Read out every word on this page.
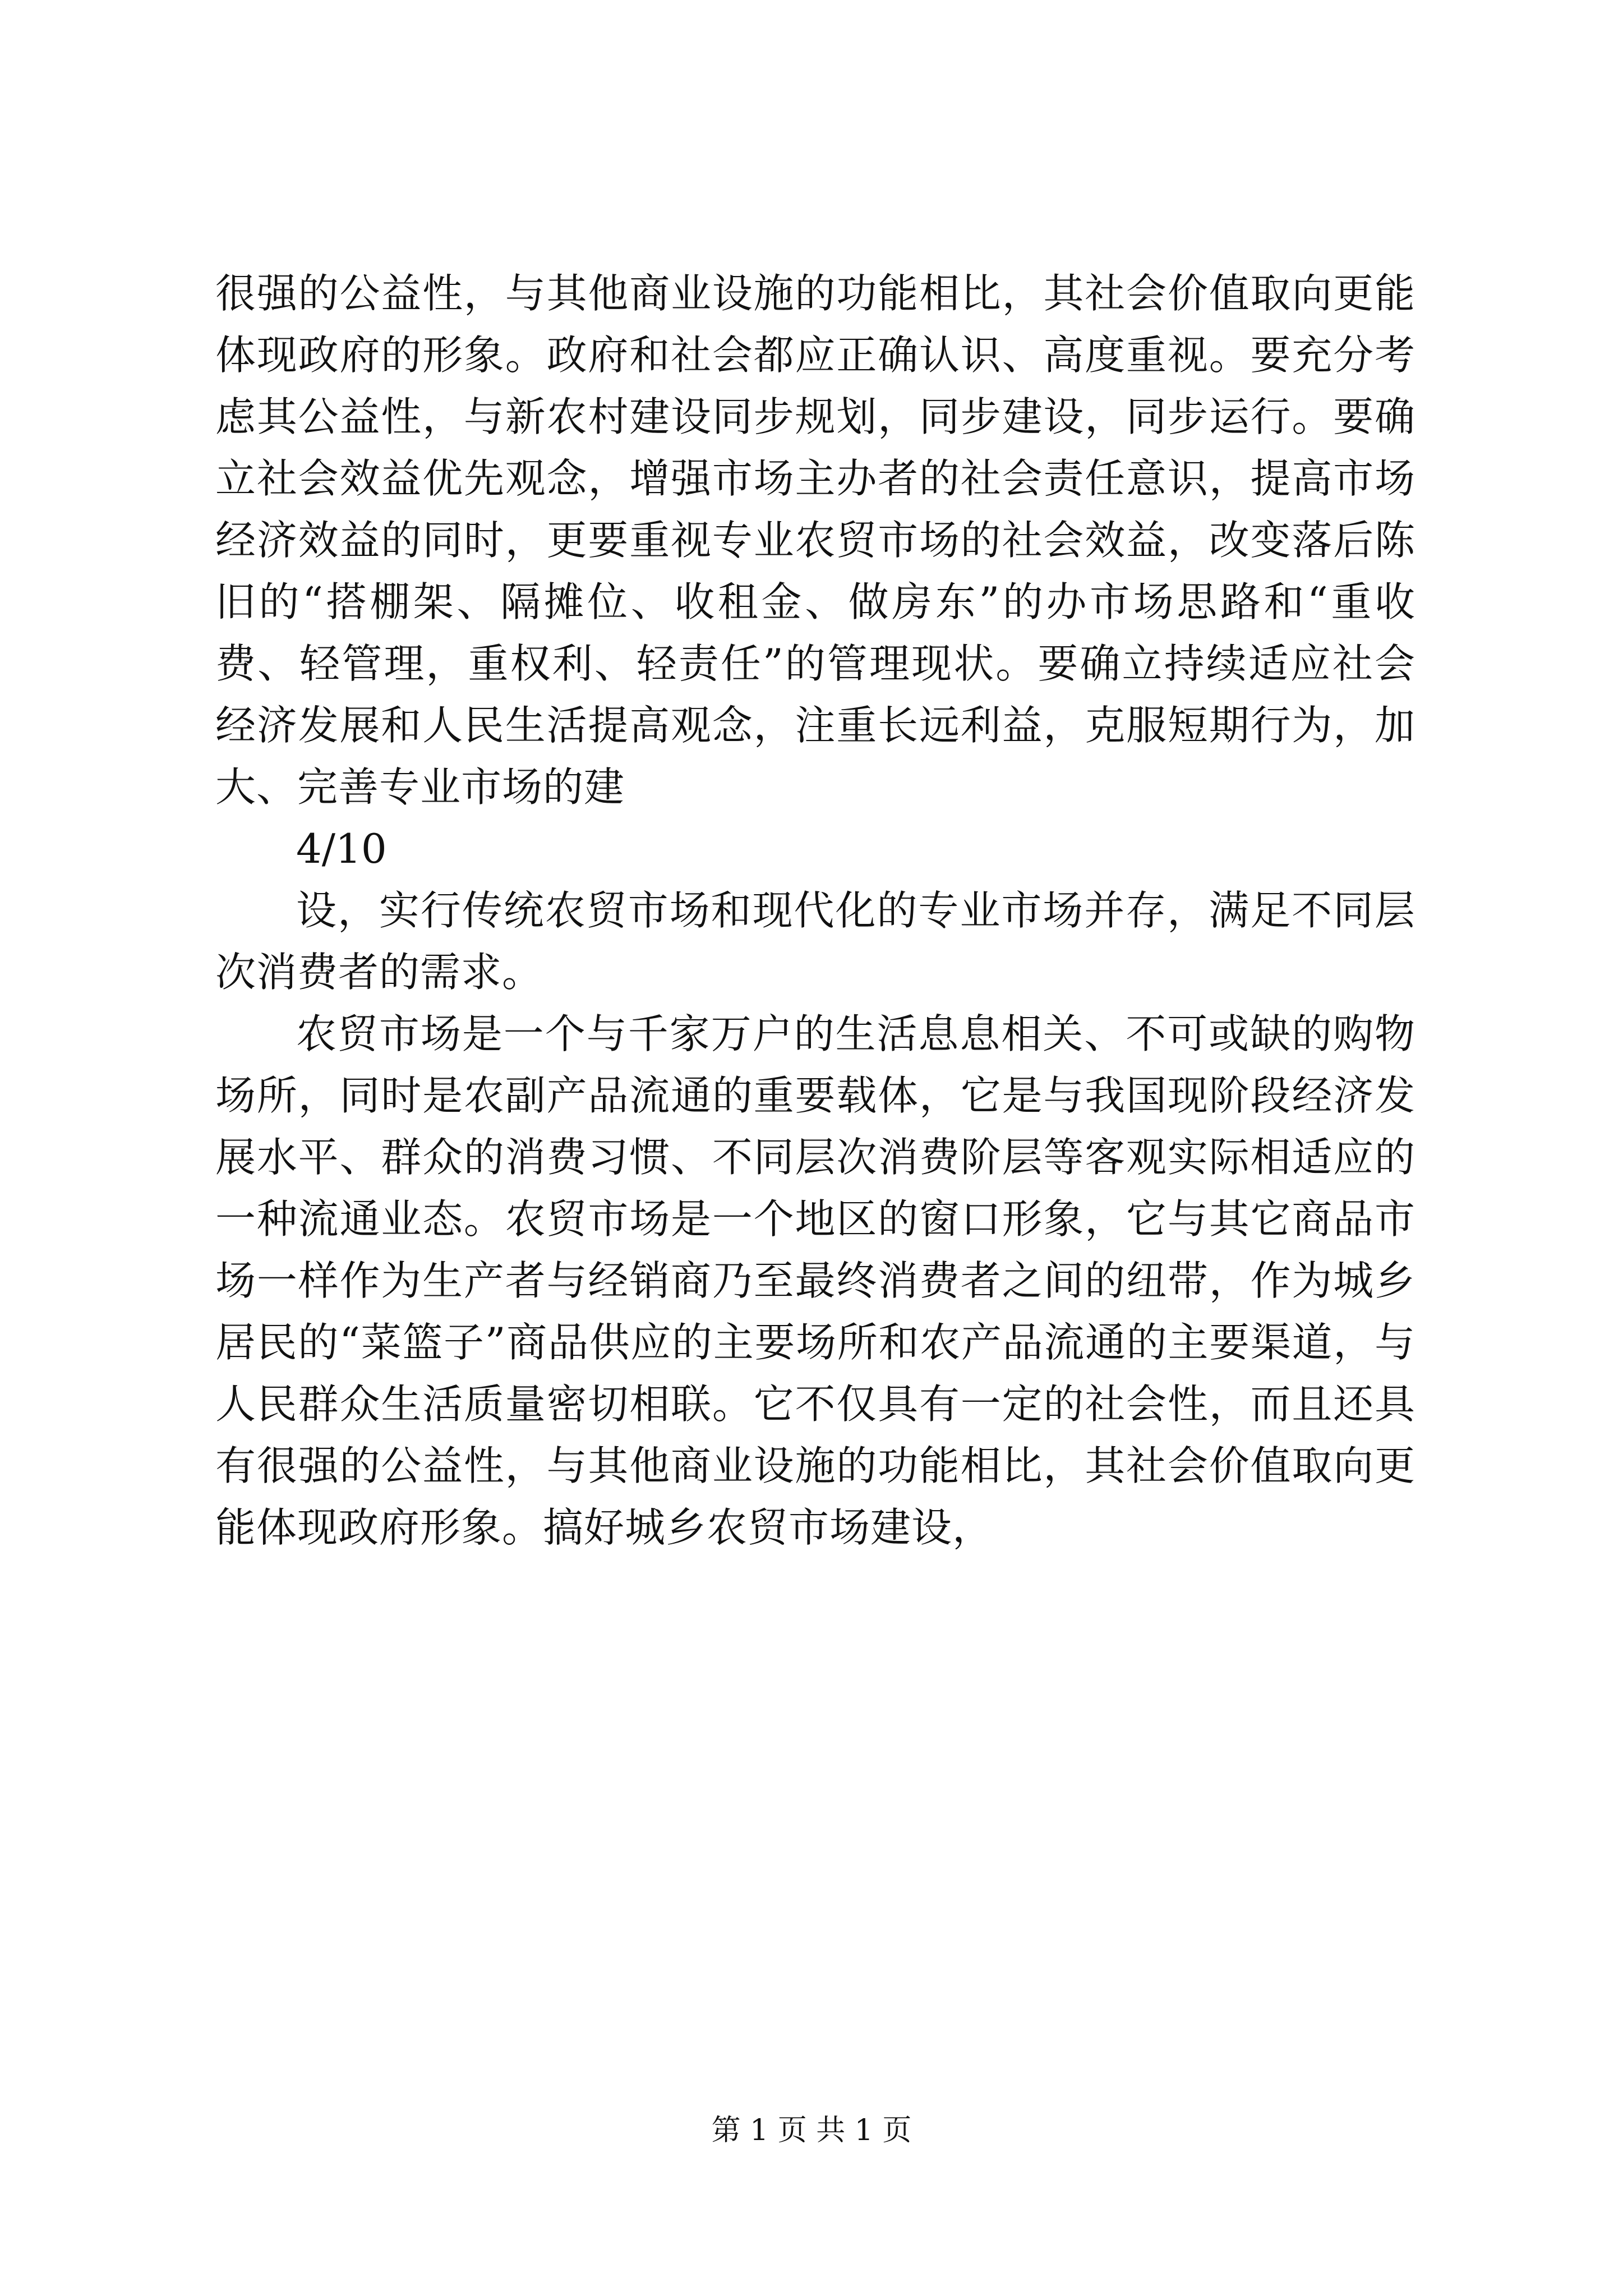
很强的公益性，与其他商业设施的功能相比，其社会价值取向更能体现政府的形象。政府和社会都应正确认识、高度重视。要充分考虑其公益性，与新农村建设同步规划，同步建设，同步运行。要确立社会效益优先观念，增强市场主办者的社会责任意识，提高市场经济效益的同时，更要重视专业农贸市场的社会效益，改变落后陈旧的“搭棚架、隔摊位、收租金、做房东”的办市场思路和“重收费、轻管理，重权利、轻责任”的管理现状。要确立持续适应社会经济发展和人民生活提高观念，注重长远利益，克服短期行为，加大、完善专业市场的建

4/10

设，实行传统农贸市场和现代化的专业市场并存，满足不同层次消费者的需求。

农贸市场是一个与千家万户的生活息息相关、不可或缺的购物场所，同时是农副产品流通的重要载体，它是与我国现阶段经济发展水平、群众的消费习惯、不同层次消费阶层等客观实际相适应的一种流通业态。农贸市场是一个地区的窗口形象，它与其它商品市场一样作为生产者与经销商乃至最终消费者之间的纽带，作为城乡居民的“菜篮子”商品供应的主要场所和农产品流通的主要渠道，与人民群众生活质量密切相联。它不仅具有一定的社会性，而且还具有很强的公益性，与其他商业设施的功能相比，其社会价值取向更能体现政府形象。搞好城乡农贸市场建设，

第 1 页 共 1 页
